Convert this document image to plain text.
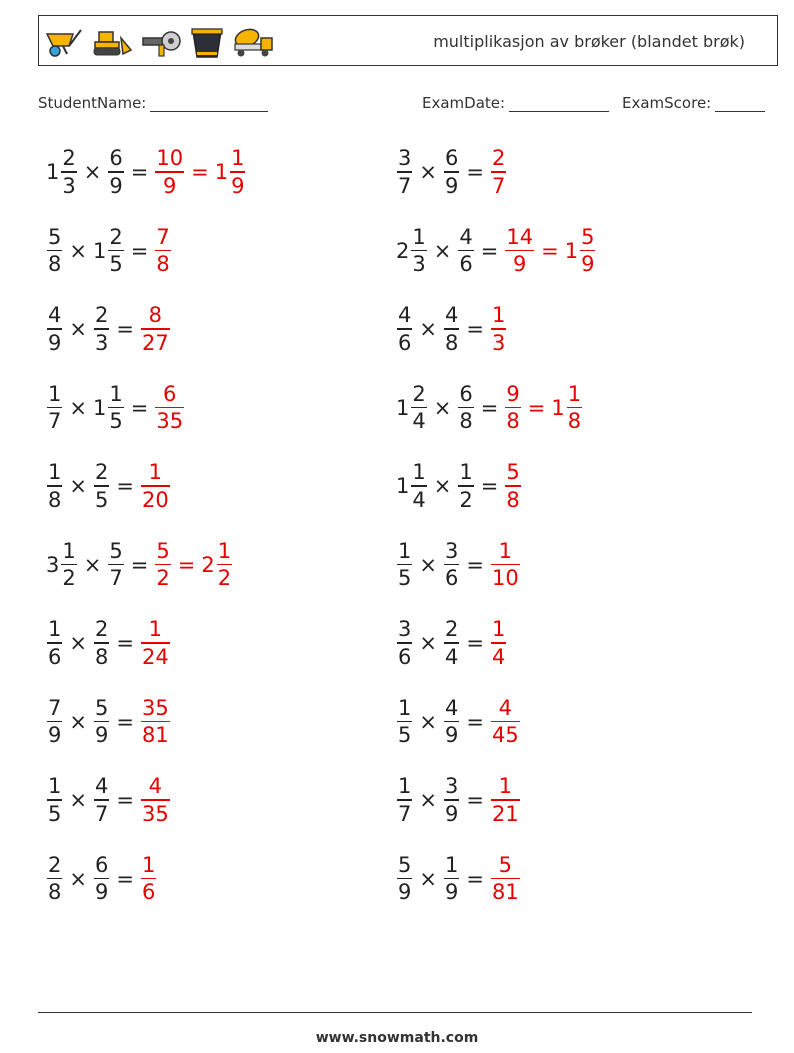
multiplikasjon av brøker (blandet brøk)
StudentName:	ExamDate:	ExamScore:
$1 \frac{2}{3} \times \frac{6}{9} = \frac{10}{9} = 1 \frac{1}{9}$	$\frac{3}{7} \times \frac{6}{9} = \frac{2}{7}$
$\frac{5}{8} \times 1 \frac{2}{5} = \frac{7}{8}$	$2 \frac{1}{3} \times \frac{4}{6} = \frac{14}{9} = 1 \frac{5}{9}$
$\frac{4}{9} \times \frac{2}{3} = \frac{8}{27}$	$\frac{4}{6} \times \frac{4}{8} = \frac{1}{3}$
$\frac{1}{7} \times 1 \frac{1}{5} = \frac{6}{35}$	$1 \frac{2}{4} \times \frac{6}{8} = \frac{9}{8} = 1 \frac{1}{8}$
$\frac{1}{8} \times \frac{2}{5} = \frac{1}{20}$	$1 \frac{1}{4} \times \frac{1}{2} = \frac{5}{8}$
$3 \frac{1}{2} \times \frac{5}{7} = \frac{5}{2} = 2 \frac{1}{2}$	$\frac{1}{5} \times \frac{3}{6} = \frac{1}{10}$
$\frac{1}{6} \times \frac{2}{8} = \frac{1}{24}$	$\frac{3}{6} \times \frac{2}{4} = \frac{1}{4}$
$\frac{7}{9} \times \frac{5}{9} = \frac{35}{81}$	$\frac{1}{5} \times \frac{4}{9} = \frac{4}{45}$
$\frac{1}{5} \times \frac{4}{7} = \frac{4}{35}$	$\frac{1}{7} \times \frac{3}{9} = \frac{1}{21}$
$\frac{2}{8} \times \frac{6}{9} = \frac{1}{6}$	$\frac{5}{9} \times \frac{1}{9} = \frac{5}{81}$
www.snowmath.com
